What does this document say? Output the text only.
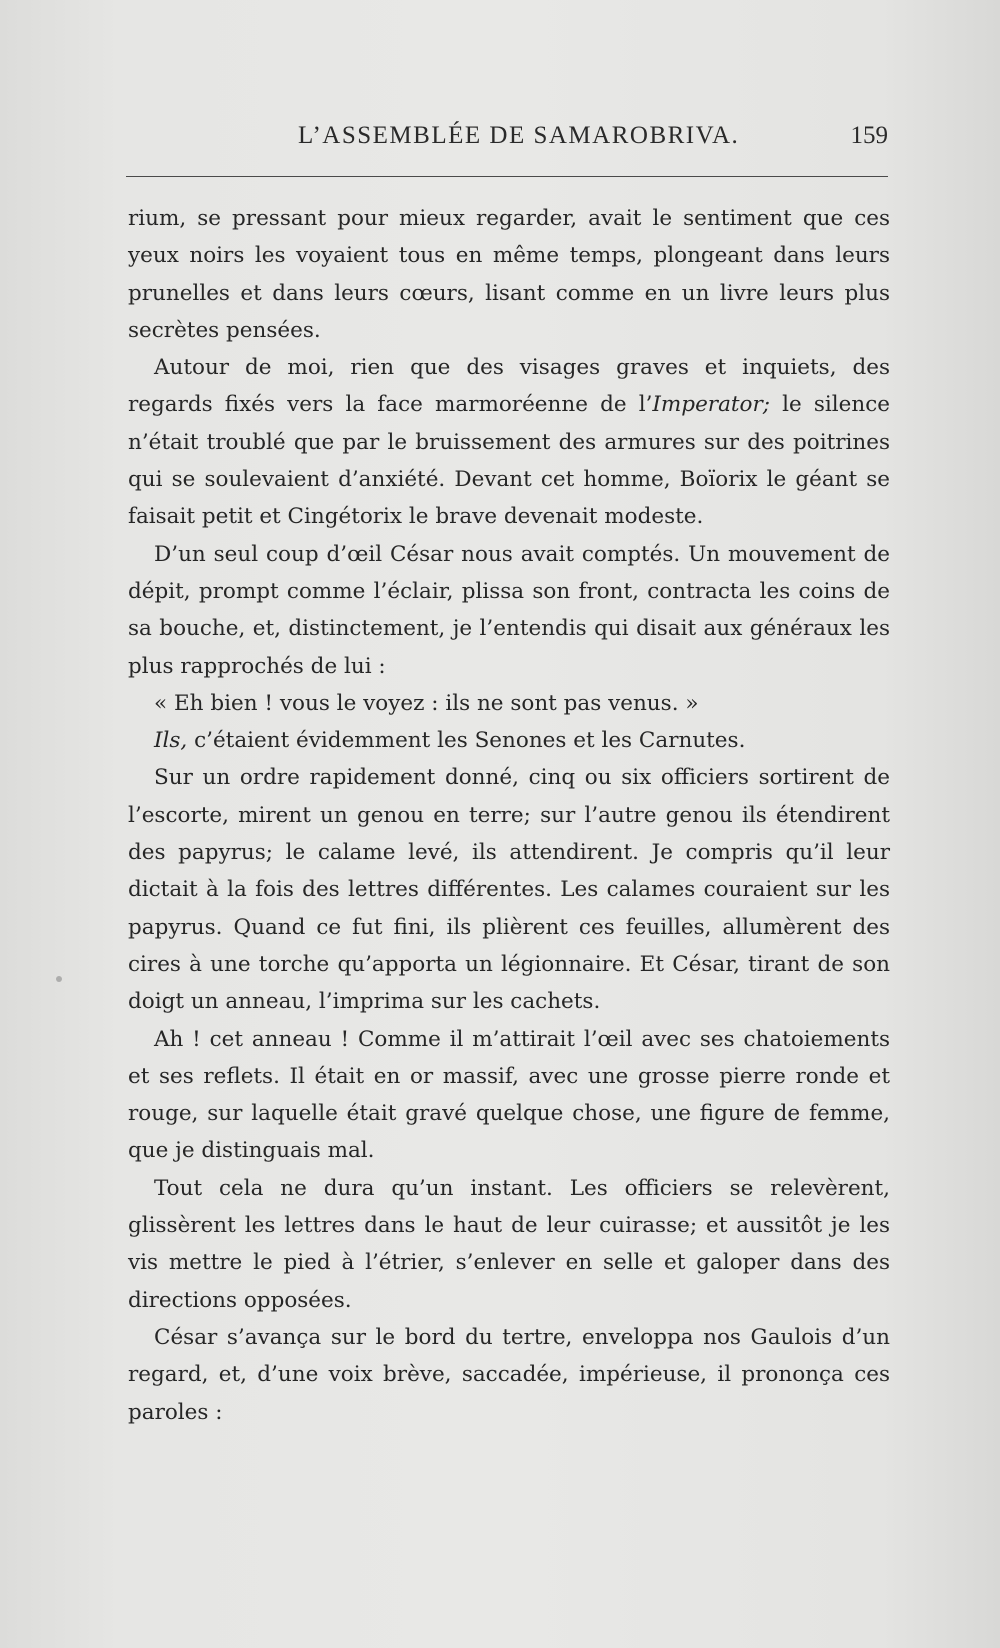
L’ASSEMBLÉE DE SAMAROBRIVA.	159

rium, se pressant pour mieux regarder, avait le sentiment que ces yeux noirs les voyaient tous en même temps, plongeant dans leurs prunelles et dans leurs cœurs, lisant comme en un livre leurs plus secrètes pensées.

Autour de moi, rien que des visages graves et inquiets, des regards fixés vers la face marmoréenne de l’Imperator; le silence n’était troublé que par le bruissement des armures sur des poitrines qui se soulevaient d’anxiété. Devant cet homme, Boïorix le géant se faisait petit et Cingétorix le brave devenait modeste.

D’un seul coup d’œil César nous avait comptés. Un mouvement de dépit, prompt comme l’éclair, plissa son front, contracta les coins de sa bouche, et, distinctement, je l’entendis qui disait aux généraux les plus rapprochés de lui :

« Eh bien ! vous le voyez : ils ne sont pas venus. »

Ils, c’étaient évidemment les Senones et les Carnutes.

Sur un ordre rapidement donné, cinq ou six officiers sortirent de l’escorte, mirent un genou en terre; sur l’autre genou ils étendirent des papyrus; le calame levé, ils attendirent. Je compris qu’il leur dictait à la fois des lettres différentes. Les calames couraient sur les papyrus. Quand ce fut fini, ils plièrent ces feuilles, allumèrent des cires à une torche qu’apporta un légionnaire. Et César, tirant de son doigt un anneau, l’imprima sur les cachets.

Ah ! cet anneau ! Comme il m’attirait l’œil avec ses chatoiements et ses reflets. Il était en or massif, avec une grosse pierre ronde et rouge, sur laquelle était gravé quelque chose, une figure de femme, que je distinguais mal.

Tout cela ne dura qu’un instant. Les officiers se relevèrent, glissèrent les lettres dans le haut de leur cuirasse; et aussitôt je les vis mettre le pied à l’étrier, s’enlever en selle et galoper dans des directions opposées.

César s’avança sur le bord du tertre, enveloppa nos Gaulois d’un regard, et, d’une voix brève, saccadée, impérieuse, il prononça ces paroles :
